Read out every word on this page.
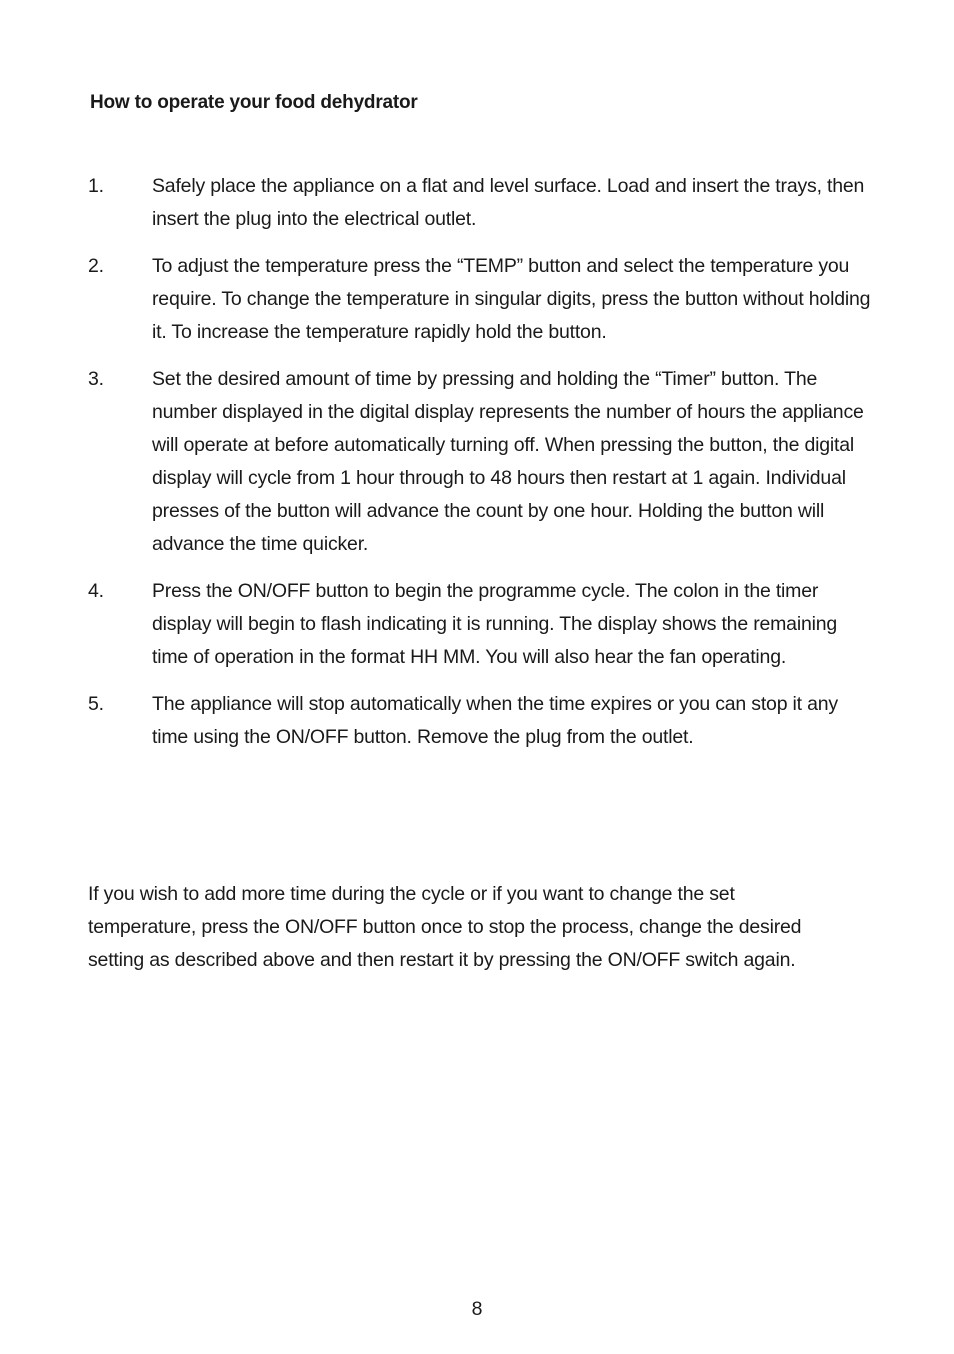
How to operate your food dehydrator
1.	Safely place the appliance on a flat and level surface. Load and insert the trays, then insert the plug into the electrical outlet.
2.	To adjust the temperature press the “TEMP” button and select the temperature you require. To change the temperature in singular digits, press the button without holding it. To increase the temperature rapidly hold the button.
3.	Set the desired amount of time by pressing and holding the “Timer” button. The number displayed in the digital display represents the number of hours the appliance will operate at before automatically turning off. When pressing the button, the digital display will cycle from 1 hour through to 48 hours then restart at 1 again. Individual presses of the button will advance the count by one hour. Holding the button will advance the time quicker.
4.	Press the ON/OFF button to begin the programme cycle. The colon in the timer display will begin to flash indicating it is running. The display shows the remaining time of operation in the format HH MM. You will also hear the fan operating.
5.	The appliance will stop automatically when the time expires or you can stop it any time using the ON/OFF button. Remove the plug from the outlet.

If you wish to add more time during the cycle or if you want to change the set temperature, press the ON/OFF button once to stop the process, change the desired setting as described above and then restart it by pressing the ON/OFF switch again.

8
